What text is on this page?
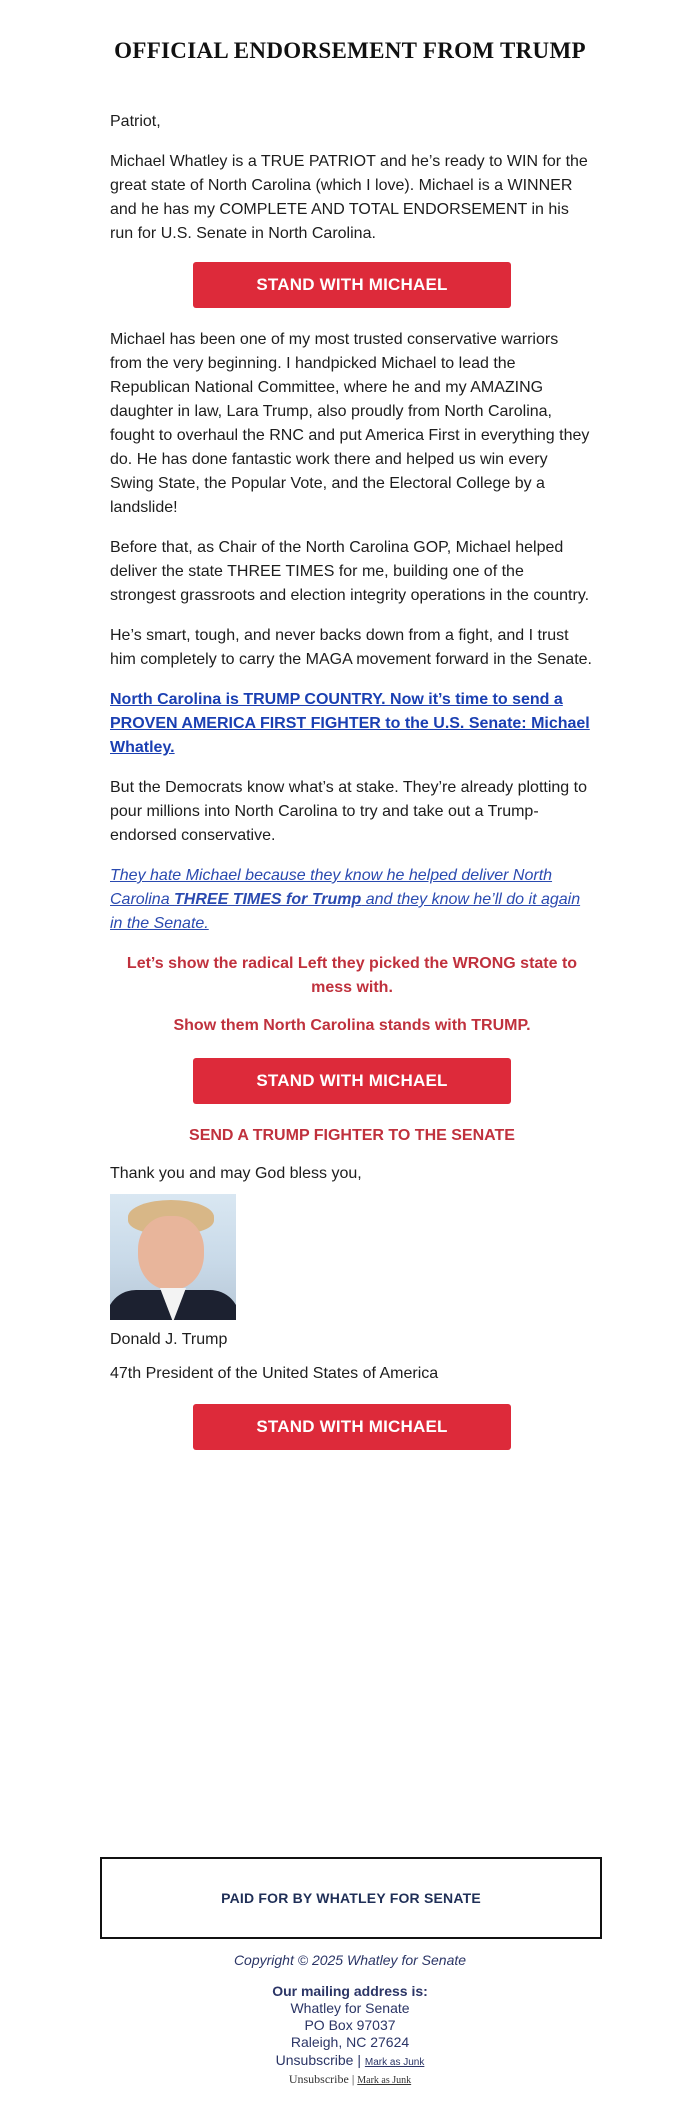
OFFICIAL ENDORSEMENT FROM TRUMP

Patriot,

Michael Whatley is a TRUE PATRIOT and he’s ready to WIN for the great state of North Carolina (which I love). Michael is a WINNER and he has my COMPLETE AND TOTAL ENDORSEMENT in his run for U.S. Senate in North Carolina.

STAND WITH MICHAEL

Michael has been one of my most trusted conservative warriors from the very beginning. I handpicked Michael to lead the Republican National Committee, where he and my AMAZING daughter in law, Lara Trump, also proudly from North Carolina, fought to overhaul the RNC and put America First in everything they do. He has done fantastic work there and helped us win every Swing State, the Popular Vote, and the Electoral College by a landslide!

Before that, as Chair of the North Carolina GOP, Michael helped deliver the state THREE TIMES for me, building one of the strongest grassroots and election integrity operations in the country.

He’s smart, tough, and never backs down from a fight, and I trust him completely to carry the MAGA movement forward in the Senate.

North Carolina is TRUMP COUNTRY. Now it’s time to send a PROVEN AMERICA FIRST FIGHTER to the U.S. Senate: Michael Whatley.

But the Democrats know what’s at stake. They’re already plotting to pour millions into North Carolina to try and take out a Trump-endorsed conservative.

They hate Michael because they know he helped deliver North Carolina THREE TIMES for Trump and they know he’ll do it again in the Senate.

Let’s show the radical Left they picked the WRONG state to mess with.

Show them North Carolina stands with TRUMP.

STAND WITH MICHAEL

SEND A TRUMP FIGHTER TO THE SENATE

Thank you and may God bless you,

Donald J. Trump

47th President of the United States of America

STAND WITH MICHAEL
PAID FOR BY WHATLEY FOR SENATE
Copyright © 2025 Whatley for Senate
Our mailing address is:
Whatley for Senate
PO Box 97037
Raleigh, NC 27624
Unsubscribe | Mark as Junk
Unsubscribe | Mark as Junk
